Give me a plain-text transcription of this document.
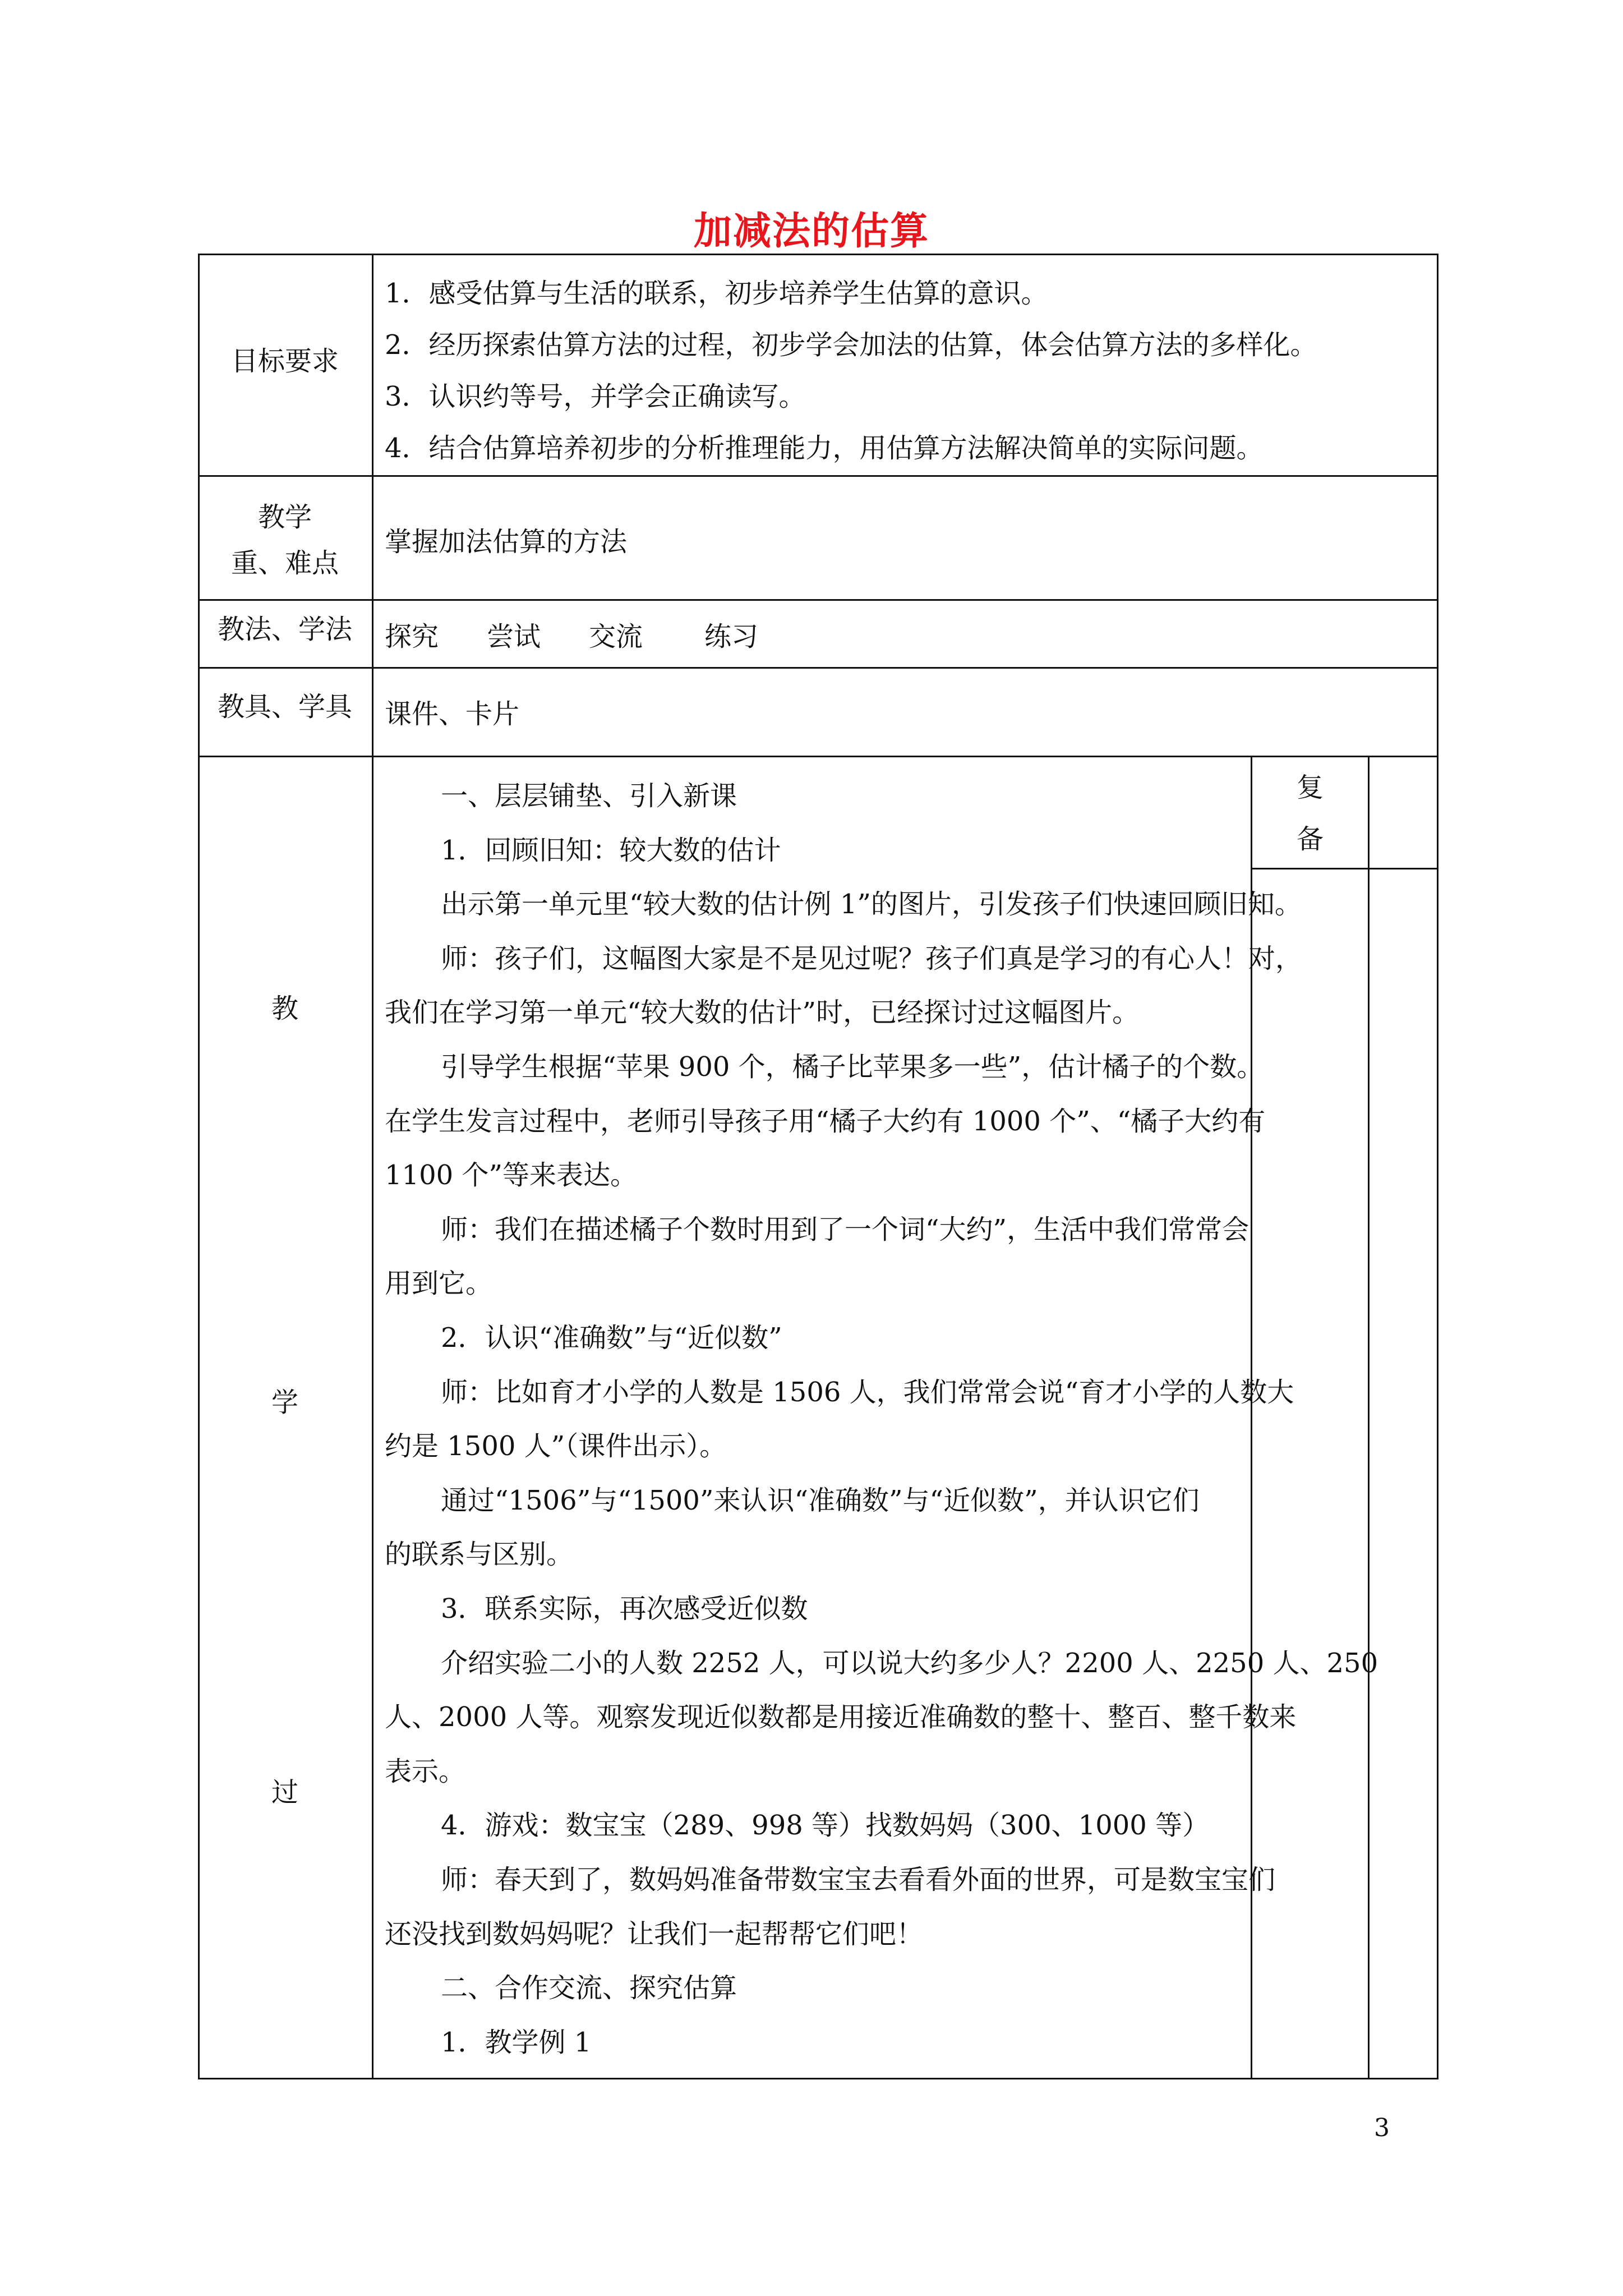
加减法的估算
目标要求
1．感受估算与生活的联系，初步培养学生估算的意识。
2．经历探索估算方法的过程，初步学会加法的估算，体会估算方法的多样化。
3．认识约等号，并学会正确读写。
4．结合估算培养初步的分析推理能力，用估算方法解决简单的实际问题。
教学
重、难点
掌握加法估算的方法
教法、学法	探究 尝试 交流 练习
教具、学具	课件、卡片
教
学
过
复
备
一、层层铺垫、引入新课
1．回顾旧知：较大数的估计
出示第一单元里“较大数的估计例 1”的图片，引发孩子们快速回顾旧知。
师：孩子们，这幅图大家是不是见过呢？孩子们真是学习的有心人！对，
我们在学习第一单元“较大数的估计”时，已经探讨过这幅图片。
引导学生根据“苹果 900 个，橘子比苹果多一些”，估计橘子的个数。
在学生发言过程中，老师引导孩子用“橘子大约有 1000 个”、“橘子大约有
1100 个”等来表达。
师：我们在描述橘子个数时用到了一个词“大约”，生活中我们常常会
用到它。
2．认识“准确数”与“近似数”
师：比如育才小学的人数是 1506 人，我们常常会说“育才小学的人数大
约是 1500 人”（课件出示）。
通过“1506”与“1500”来认识“准确数”与“近似数”，并认识它们
的联系与区别。
3．联系实际，再次感受近似数
介绍实验二小的人数 2252 人，可以说大约多少人？2200 人、2250 人、250
人、2000 人等。观察发现近似数都是用接近准确数的整十、整百、整千数来
表示。
4．游戏：数宝宝（289、998 等）找数妈妈（300、1000 等）
师：春天到了，数妈妈准备带数宝宝去看看外面的世界，可是数宝宝们
还没找到数妈妈呢？让我们一起帮帮它们吧！
二、合作交流、探究估算
1．教学例 1
3
